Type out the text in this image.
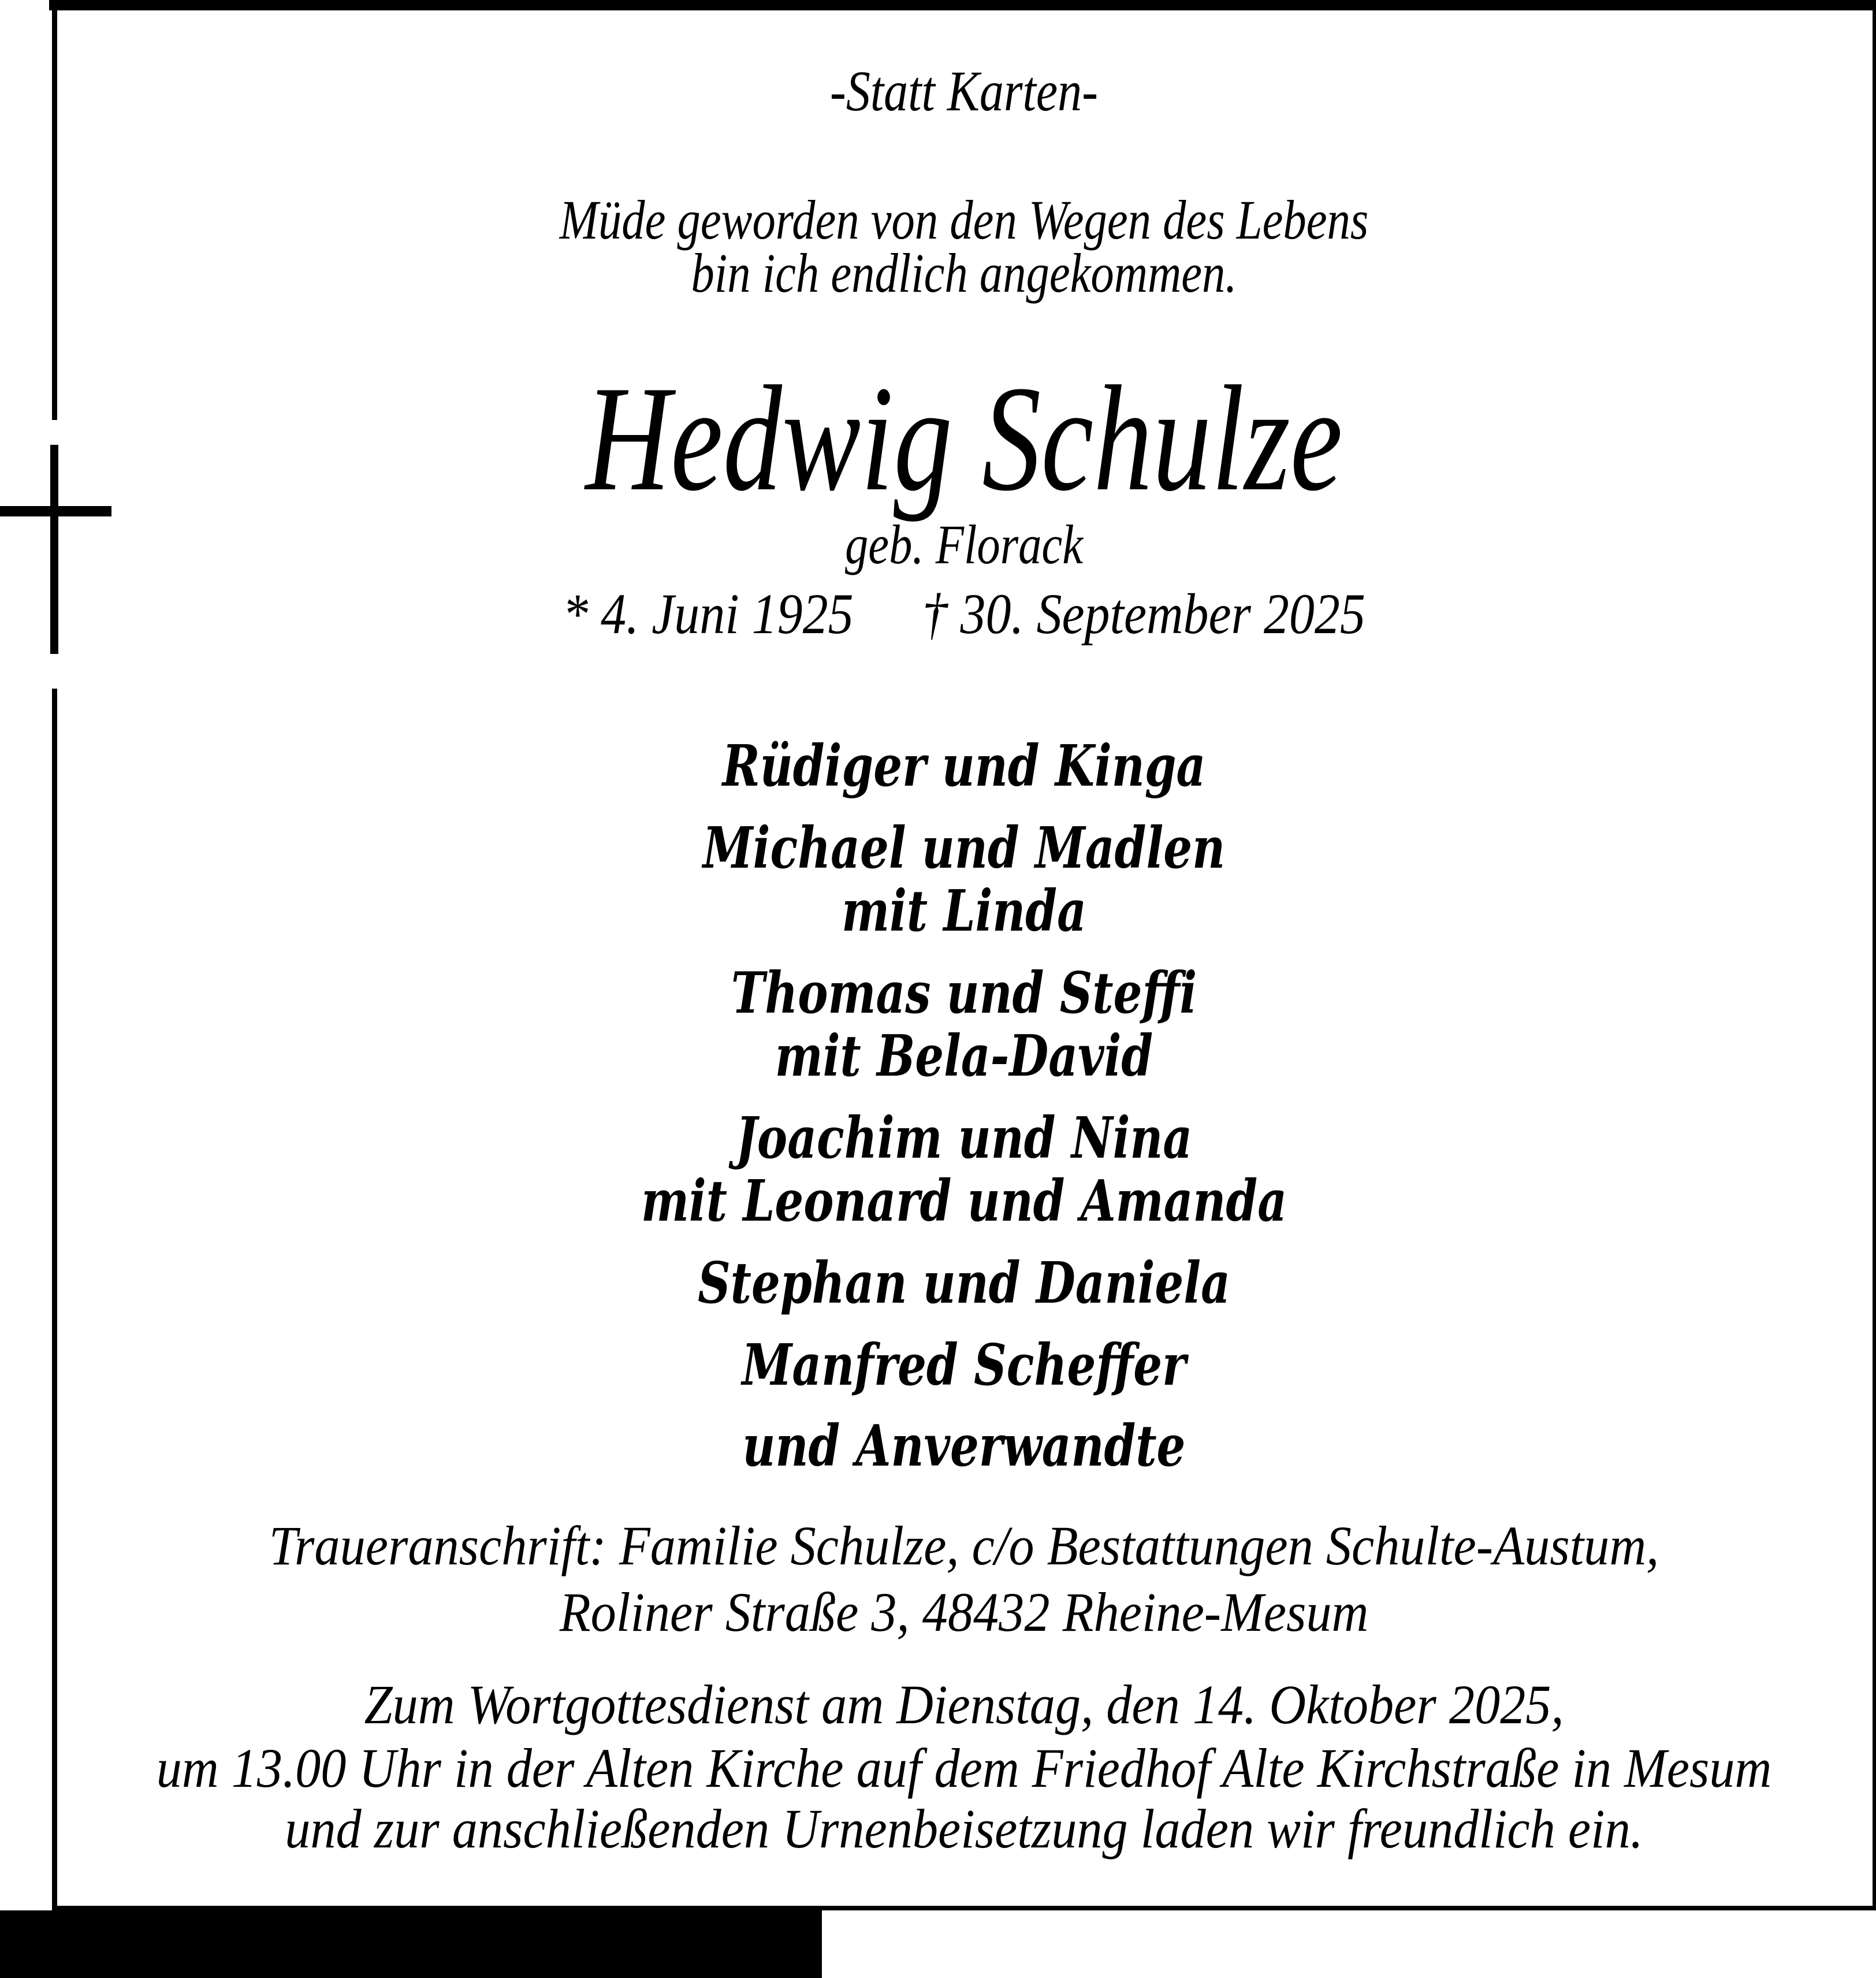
-Statt Karten-
Müde geworden von den Wegen des Lebens
bin ich endlich angekommen.
Hedwig Schulze
geb. Florack
* 4. Juni 1925 † 30. September 2025
Rüdiger und Kinga
Michael und Madlen
mit Linda
Thomas und Steffi
mit Bela-David
Joachim und Nina
mit Leonard und Amanda
Stephan und Daniela
Manfred Scheffer
und Anverwandte
Traueranschrift: Familie Schulze, c/o Bestattungen Schulte-Austum,
Roliner Straße 3, 48432 Rheine-Mesum
Zum Wortgottesdienst am Dienstag, den 14. Oktober 2025,
um 13.00 Uhr in der Alten Kirche auf dem Friedhof Alte Kirchstraße in Mesum
und zur anschließenden Urnenbeisetzung laden wir freundlich ein.
